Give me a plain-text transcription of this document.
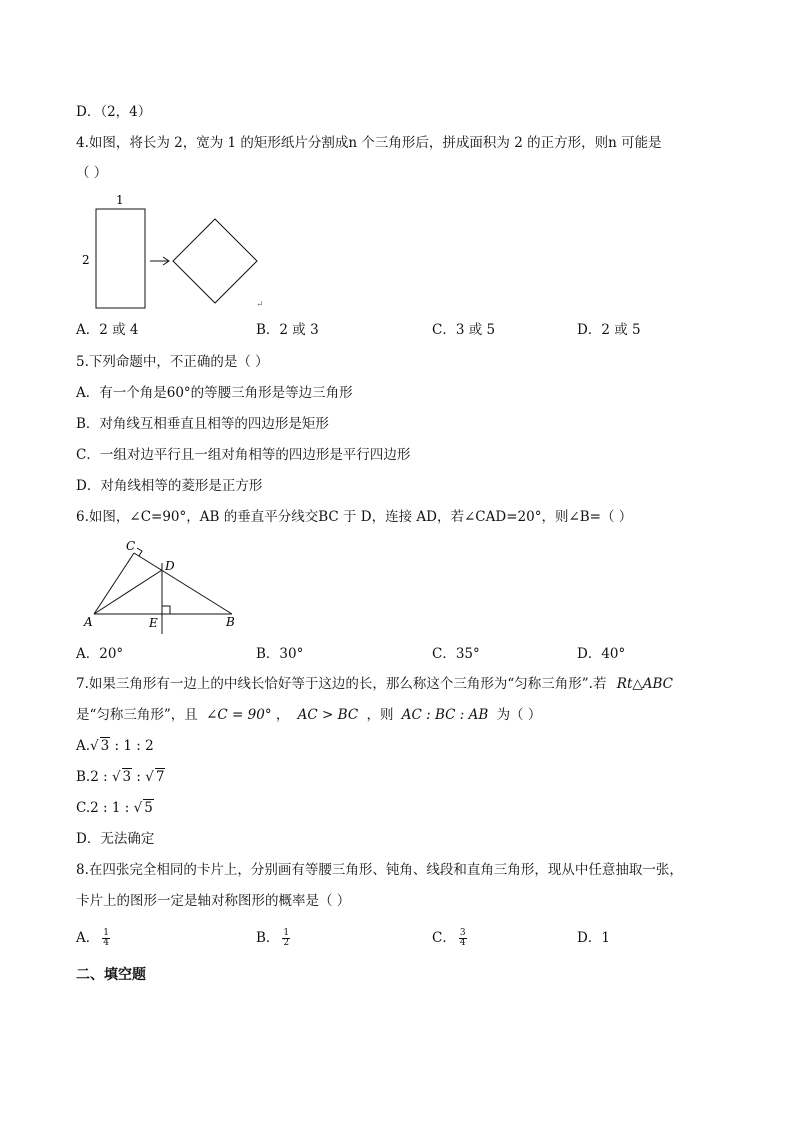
D．（2，4）
4.如图，将长为 2，宽为 1 的矩形纸片分割成n 个三角形后，拼成面积为 2 的正方形，则n 可能是
（ ）
1
2
↵
A．2 或 4	B．2 或 3	C．3 或 5	D．2 或 5
5.下列命题中，不正确的是（ ）
A．有一个角是60°的等腰三角形是等边三角形
B．对角线互相垂直且相等的四边形是矩形
C．一组对边平行且一组对角相等的四边形是平行四边形
D．对角线相等的菱形是正方形
6.如图，∠C=90°，AB 的垂直平分线交BC 于 D，连接 AD，若∠CAD=20°，则∠B=（ ）
C
D
A	E	B
A．20°	B．30°	C．35°	D．40°
7.如果三角形有一边上的中线长恰好等于这边的长，那么称这个三角形为“匀称三角形”.若 Rt△ABC
是“匀称三角形”，且 ∠C = 90° ， AC > BC ，则 AC : BC : AB 为（ ）
A.√ 3 : 1 : 2
B.2 : √ 3 : √ 7
C.2 : 1 : √ 5
D．无法确定
8.在四张完全相同的卡片上，分别画有等腰三角形、钝角、线段和直角三角形，现从中任意抽取一张，
卡片上的图形一定是轴对称图形的概率是（ ）
A． $\frac{1}{4}$	B． $\frac{1}{2}$	C． $\frac{3}{4}$	D．1
二、填空题
